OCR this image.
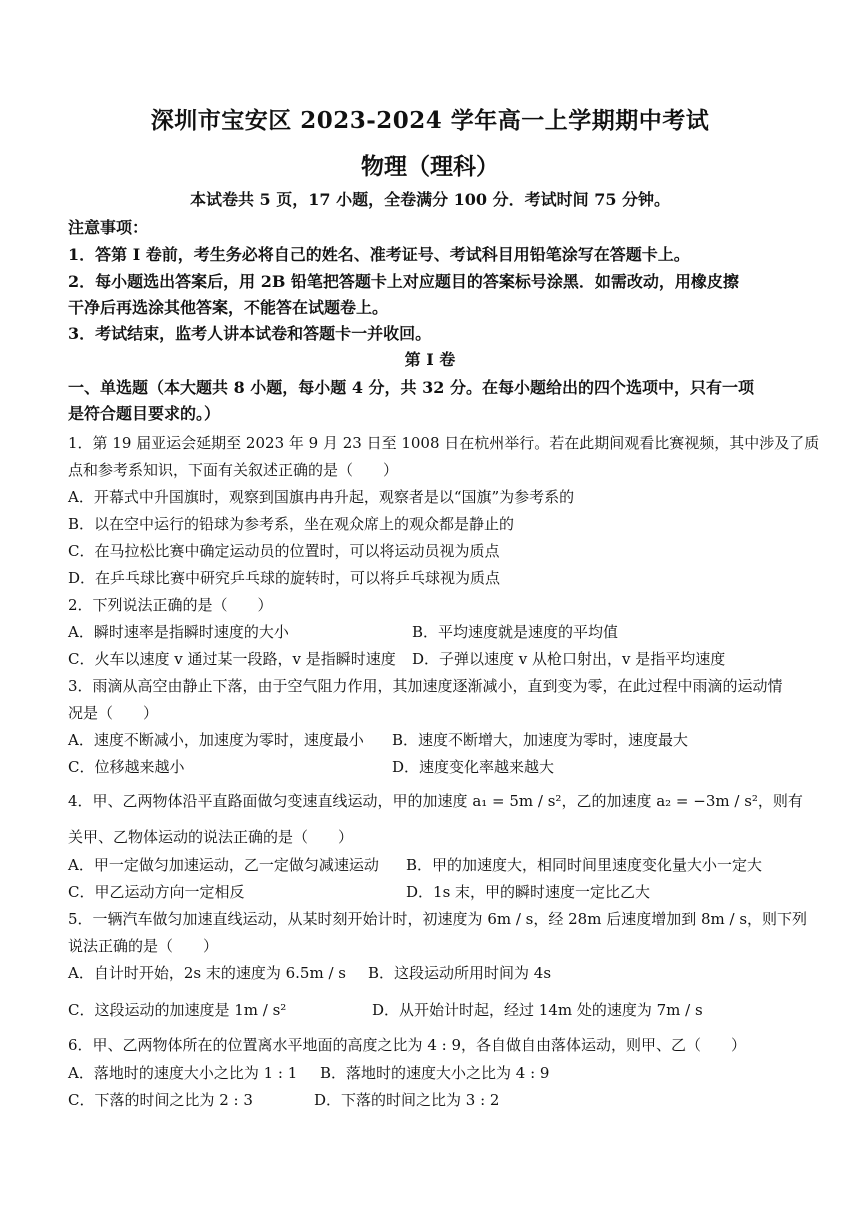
深圳市宝安区 2023-2024 学年高一上学期期中考试
物理（理科）
本试卷共 5 页，17 小题，全卷满分 100 分．考试时间 75 分钟。
注意事项：
1．答第 I 卷前，考生务必将自己的姓名、准考证号、考试科目用铅笔涂写在答题卡上。
2．每小题选出答案后，用 2B 铅笔把答题卡上对应题目的答案标号涂黑．如需改动，用橡皮擦
干净后再选涂其他答案，不能答在试题卷上。
3．考试结束，监考人讲本试卷和答题卡一并收回。
第 I 卷
一、单选题（本大题共 8 小题，每小题 4 分，共 32 分。在每小题给出的四个选项中，只有一项
是符合题目要求的。）
1．第 19 届亚运会延期至 2023 年 9 月 23 日至 1008 日在杭州举行。若在此期间观看比赛视频，其中涉及了质
点和参考系知识，下面有关叙述正确的是（　　）
A．开幕式中升国旗时，观察到国旗冉冉升起，观察者是以“国旗”为参考系的
B．以在空中运行的铅球为参考系，坐在观众席上的观众都是静止的
C．在马拉松比赛中确定运动员的位置时，可以将运动员视为质点
D．在乒乓球比赛中研究乒乓球的旋转时，可以将乒乓球视为质点
2．下列说法正确的是（　　）
A．瞬时速率是指瞬时速度的大小	B．平均速度就是速度的平均值
C．火车以速度 v 通过某一段路，v 是指瞬时速度 D．子弹以速度 v 从枪口射出，v 是指平均速度
3．雨滴从高空由静止下落，由于空气阻力作用，其加速度逐渐减小，直到变为零，在此过程中雨滴的运动情
况是（　　）
A．速度不断减小，加速度为零时，速度最小 B．速度不断增大，加速度为零时，速度最大
C．位移越来越小	D．速度变化率越来越大
4．甲、乙两物体沿平直路面做匀变速直线运动，甲的加速度 a₁ = 5m / s²，乙的加速度 a₂ = −3m / s²，则有
关甲、乙物体运动的说法正确的是（　　）
A．甲一定做匀加速运动，乙一定做匀减速运动 B．甲的加速度大，相同时间里速度变化量大小一定大
C．甲乙运动方向一定相反	D．1s 末，甲的瞬时速度一定比乙大
5．一辆汽车做匀加速直线运动，从某时刻开始计时，初速度为 6m / s，经 28m 后速度增加到 8m / s，则下列
说法正确的是（　　）
A．自计时开始，2s 末的速度为 6.5m / s B．这段运动所用时间为 4s
C．这段运动的加速度是 1m / s²	D．从开始计时起，经过 14m 处的速度为 7m / s
6．甲、乙两物体所在的位置离水平地面的高度之比为 4 : 9，各自做自由落体运动，则甲、乙（　　）
A．落地时的速度大小之比为 1 : 1 B．落地时的速度大小之比为 4 : 9
C．下落的时间之比为 2 : 3	D．下落的时间之比为 3 : 2
